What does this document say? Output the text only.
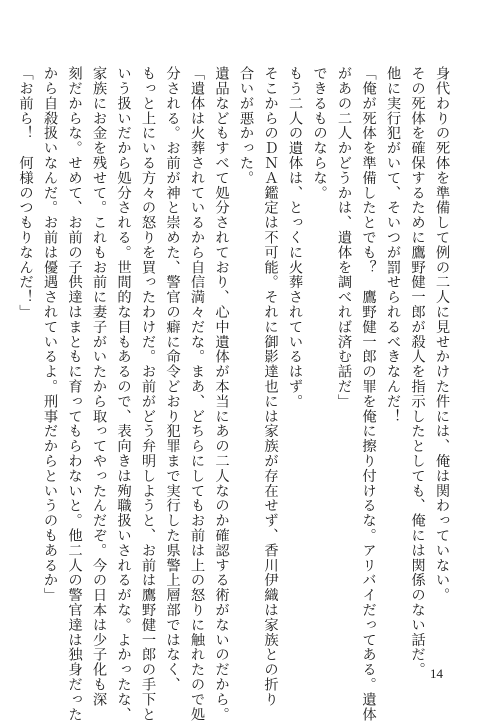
身代わりの死体を準備して例の二人に見せかけた件には、俺は関わっていない。
その死体を確保するために鷹野健一郎が殺人を指示したとしても、俺には関係のない話だ。
他に実行犯がいて、そいつが罰せられるべきなんだ！
「俺が死体を準備したとでも？　鷹野健一郎の罪を俺に擦り付けるな。アリバイだってある。遺体
があの二人かどうかは、遺体を調べれば済む話だ」
できるものならな。
もう二人の遺体は、とっくに火葬されているはず。
そこからのＤＮＡ鑑定は不可能。それに御影達也には家族が存在せず、香川伊織は家族との折り
合いが悪かった。
遺品などもすべて処分されており、心中遺体が本当にあの二人なのか確認する術がないのだから。
「遺体は火葬されているから自信満々だな。まあ、どちらにしてもお前は上の怒りに触れたので処
分される。お前が神と崇めた、警官の癖に命令どおり犯罪まで実行した県警上層部ではなく、
もっと上にいる方々の怒りを買ったわけだ。お前がどう弁明しようと、お前は鷹野健一郎の手下と
いう扱いだから処分される。世間的な目もあるので、表向きは殉職扱いされるがな。よかったな、
家族にお金を残せて。これもお前に妻子がいたから取ってやったんだぞ。今の日本は少子化も深
刻だからな。せめて、お前の子供達はまともに育ってもらわないと。他二人の警官達は独身だった
から自殺扱いなんだ。お前は優遇されているよ。刑事だからというのもあるか」
「お前ら！　何様のつもりなんだ！」
14
